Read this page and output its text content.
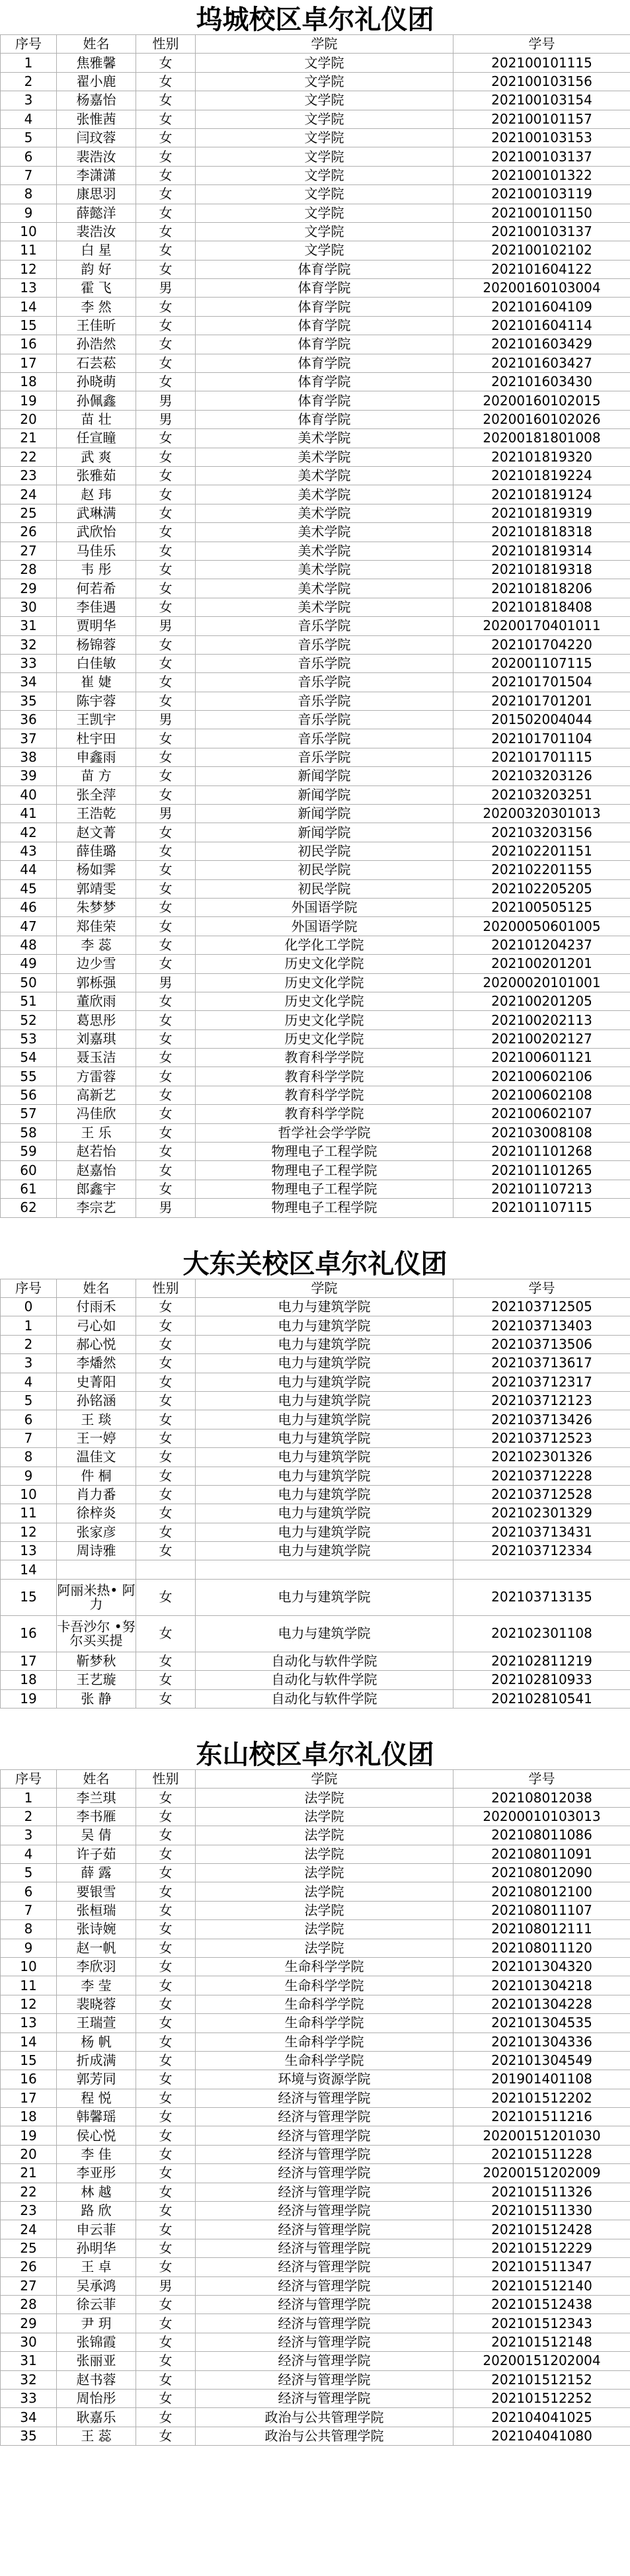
坞城校区卓尔礼仪团
序号	姓名	性别	学院	学号
1	焦雅馨	女	文学院	202100101115
2	翟小鹿	女	文学院	202100103156
3	杨嘉怡	女	文学院	202100103154
4	张惟茜	女	文学院	202100101157
5	闫玟蓉	女	文学院	202100103153
6	裴浩汝	女	文学院	202100103137
7	李潇潇	女	文学院	202100101322
8	康思羽	女	文学院	202100103119
9	薛懿洋	女	文学院	202100101150
10	裴浩汝	女	文学院	202100103137
11	白 星	女	文学院	202100102102
12	韵 好	女	体育学院	202101604122
13	霍 飞	男	体育学院	20200160103004
14	李 然	女	体育学院	202101604109
15	王佳昕	女	体育学院	202101604114
16	孙浩然	女	体育学院	202101603429
17	石芸菘	女	体育学院	202101603427
18	孙晓萌	女	体育学院	202101603430
19	孙佩鑫	男	体育学院	20200160102015
20	苗 壮	男	体育学院	20200160102026
21	任宣瞳	女	美术学院	20200181801008
22	武 爽	女	美术学院	202101819320
23	张雅茹	女	美术学院	202101819224
24	赵 玮	女	美术学院	202101819124
25	武琳满	女	美术学院	202101819319
26	武欣怡	女	美术学院	202101818318
27	马佳乐	女	美术学院	202101819314
28	韦 彤	女	美术学院	202101819318
29	何若希	女	美术学院	202101818206
30	李佳遇	女	美术学院	202101818408
31	贾明华	男	音乐学院	20200170401011
32	杨锦蓉	女	音乐学院	202101704220
33	白佳敏	女	音乐学院	202001107115
34	崔 婕	女	音乐学院	202101701504
35	陈宇蓉	女	音乐学院	202101701201
36	王凯宇	男	音乐学院	201502004044
37	杜宇田	女	音乐学院	202101701104
38	申鑫雨	女	音乐学院	202101701115
39	苗 方	女	新闻学院	202103203126
40	张全萍	女	新闻学院	202103203251
41	王浩乾	男	新闻学院	20200320301013
42	赵文菁	女	新闻学院	202103203156
43	薛佳璐	女	初民学院	202102201151
44	杨如霁	女	初民学院	202102201155
45	郭靖雯	女	初民学院	202102205205
46	朱梦梦	女	外国语学院	202100505125
47	郑佳荣	女	外国语学院	20200050601005
48	李 蕊	女	化学化工学院	202101204237
49	边少雪	女	历史文化学院	202100201201
50	郭栎强	男	历史文化学院	20200020101001
51	董欣雨	女	历史文化学院	202100201205
52	葛思彤	女	历史文化学院	202100202113
53	刘嘉琪	女	历史文化学院	202100202127
54	聂玉洁	女	教育科学学院	202100601121
55	方雷蓉	女	教育科学学院	202100602106
56	高新艺	女	教育科学学院	202100602108
57	冯佳欣	女	教育科学学院	202100602107
58	王 乐	女	哲学社会学学院	202103008108
59	赵若怡	女	物理电子工程学院	202101101268
60	赵嘉怡	女	物理电子工程学院	202101101265
61	郎鑫宇	女	物理电子工程学院	202101107213
62	李宗艺	男	物理电子工程学院	202101107115
大东关校区卓尔礼仪团
序号	姓名	性别	学院	学号
0	付雨禾	女	电力与建筑学院	202103712505
1	弓心如	女	电力与建筑学院	202103713403
2	郝心悦	女	电力与建筑学院	202103713506
3	李燔然	女	电力与建筑学院	202103713617
4	史菁阳	女	电力与建筑学院	202103712317
5	孙铭涵	女	电力与建筑学院	202103712123
6	王 琰	女	电力与建筑学院	202103713426
7	王一婷	女	电力与建筑学院	202103712523
8	温佳文	女	电力与建筑学院	202102301326
9	件 桐	女	电力与建筑学院	202103712228
10	肖力番	女	电力与建筑学院	202103712528
11	徐梓炎	女	电力与建筑学院	202102301329
12	张家彦	女	电力与建筑学院	202103713431
13	周诗雅	女	电力与建筑学院	202103712334
14				
15	阿丽米热• 阿力	女	电力与建筑学院	202103713135
16	卡吾沙尔 •努尔买买提	女	电力与建筑学院	202102301108
17	靳梦秋	女	自动化与软件学院	202102811219
18	王艺璇	女	自动化与软件学院	202102810933
19	张 静	女	自动化与软件学院	202102810541
东山校区卓尔礼仪团
序号	姓名	性别	学院	学号
1	李兰琪	女	法学院	202108012038
2	李书雁	女	法学院	20200010103013
3	吴 倩	女	法学院	202108011086
4	许子茹	女	法学院	202108011091
5	薛 露	女	法学院	202108012090
6	要银雪	女	法学院	202108012100
7	张桓瑞	女	法学院	202108011107
8	张诗婉	女	法学院	202108012111
9	赵一帆	女	法学院	202108011120
10	李欣羽	女	生命科学学院	202101304320
11	李 莹	女	生命科学学院	202101304218
12	裴晓蓉	女	生命科学学院	202101304228
13	王瑞萱	女	生命科学学院	202101304535
14	杨 帆	女	生命科学学院	202101304336
15	折成满	女	生命科学学院	202101304549
16	郭芳同	女	环境与资源学院	201901401108
17	程 悦	女	经济与管理学院	202101512202
18	韩馨瑶	女	经济与管理学院	202101511216
19	侯心悦	女	经济与管理学院	20200151201030
20	李 佳	女	经济与管理学院	202101511228
21	李亚彤	女	经济与管理学院	20200151202009
22	林 越	女	经济与管理学院	202101511326
23	路 欣	女	经济与管理学院	202101511330
24	申云菲	女	经济与管理学院	202101512428
25	孙明华	女	经济与管理学院	202101512229
26	王 卓	女	经济与管理学院	202101511347
27	吴承鸿	男	经济与管理学院	202101512140
28	徐云菲	女	经济与管理学院	202101512438
29	尹 玥	女	经济与管理学院	202101512343
30	张锦霞	女	经济与管理学院	202101512148
31	张丽亚	女	经济与管理学院	20200151202004
32	赵书蓉	女	经济与管理学院	202101512152
33	周怡彤	女	经济与管理学院	202101512252
34	耿嘉乐	女	政治与公共管理学院	202104041025
35	王 蕊	女	政治与公共管理学院	202104041080
